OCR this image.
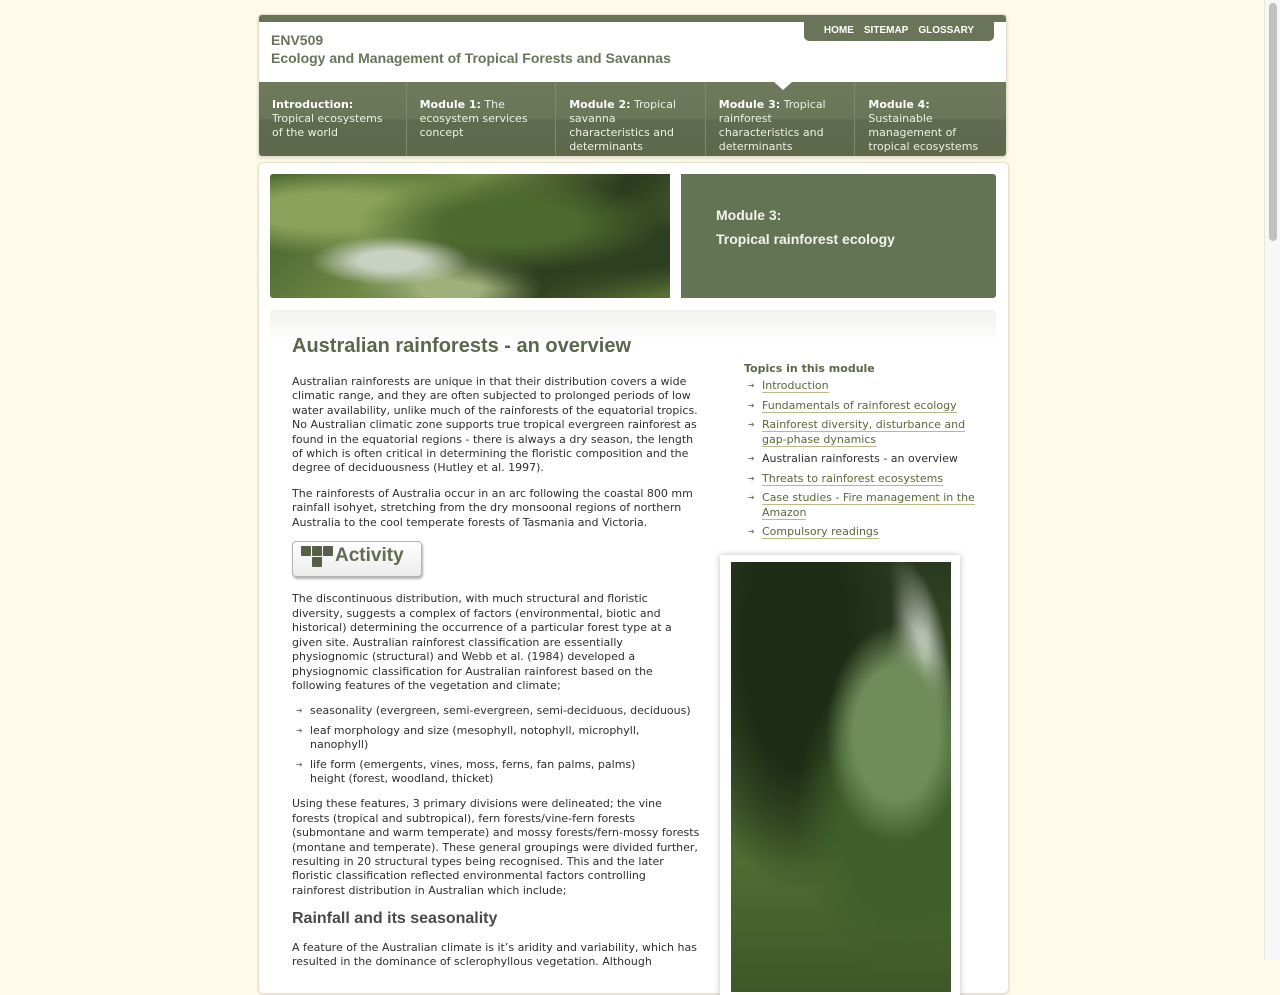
ENV509
Ecology and Management of Tropical Forests and Savannas
HOME SITEMAP GLOSSARY
Introduction: Tropical ecosystems of the world
Module 1: The ecosystem services concept
Module 2: Tropical savanna characteristics and determinants
Module 3: Tropical rainforest characteristics and determinants
Module 4: Sustainable management of tropical ecosystems
Module 3:
Tropical rainforest ecology
Australian rainforests - an overview

Australian rainforests are unique in that their distribution covers a wide climatic range, and they are often subjected to prolonged periods of low water availability, unlike much of the rainforests of the equatorial tropics. No Australian climatic zone supports true tropical evergreen rainforest as found in the equatorial regions - there is always a dry season, the length of which is often critical in determining the floristic composition and the degree of deciduousness (Hutley et al. 1997).

The rainforests of Australia occur in an arc following the coastal 800 mm rainfall isohyet, stretching from the dry monsoonal regions of northern Australia to the cool temperate forests of Tasmania and Victoria.

Activity

The discontinuous distribution, with much structural and floristic diversity, suggests a complex of factors (environmental, biotic and historical) determining the occurrence of a particular forest type at a given site. Australian rainforest classification are essentially physiognomic (structural) and Webb et al. (1984) developed a physiognomic classification for Australian rainforest based on the following features of the vegetation and climate;

➔ seasonality (evergreen, semi-evergreen, semi-deciduous, deciduous)
➔ leaf morphology and size (mesophyll, notophyll, microphyll, nanophyll)
➔ life form (emergents, vines, moss, ferns, fan palms, palms)
height (forest, woodland, thicket)

Using these features, 3 primary divisions were delineated; the vine forests (tropical and subtropical), fern forests/vine-fern forests (submontane and warm temperate) and mossy forests/fern-mossy forests (montane and temperate). These general groupings were divided further, resulting in 20 structural types being recognised. This and the later floristic classification reflected environmental factors controlling rainforest distribution in Australian which include;

Rainfall and its seasonality

A feature of the Australian climate is it’s aridity and variability, which has resulted in the dominance of sclerophyllous vegetation. Although

Topics in this module
➔ Introduction
➔ Fundamentals of rainforest ecology
➔ Rainforest diversity, disturbance and gap-phase dynamics
➔ Australian rainforests - an overview
➔ Threats to rainforest ecosystems
➔ Case studies - Fire management in the Amazon
➔ Compulsory readings
